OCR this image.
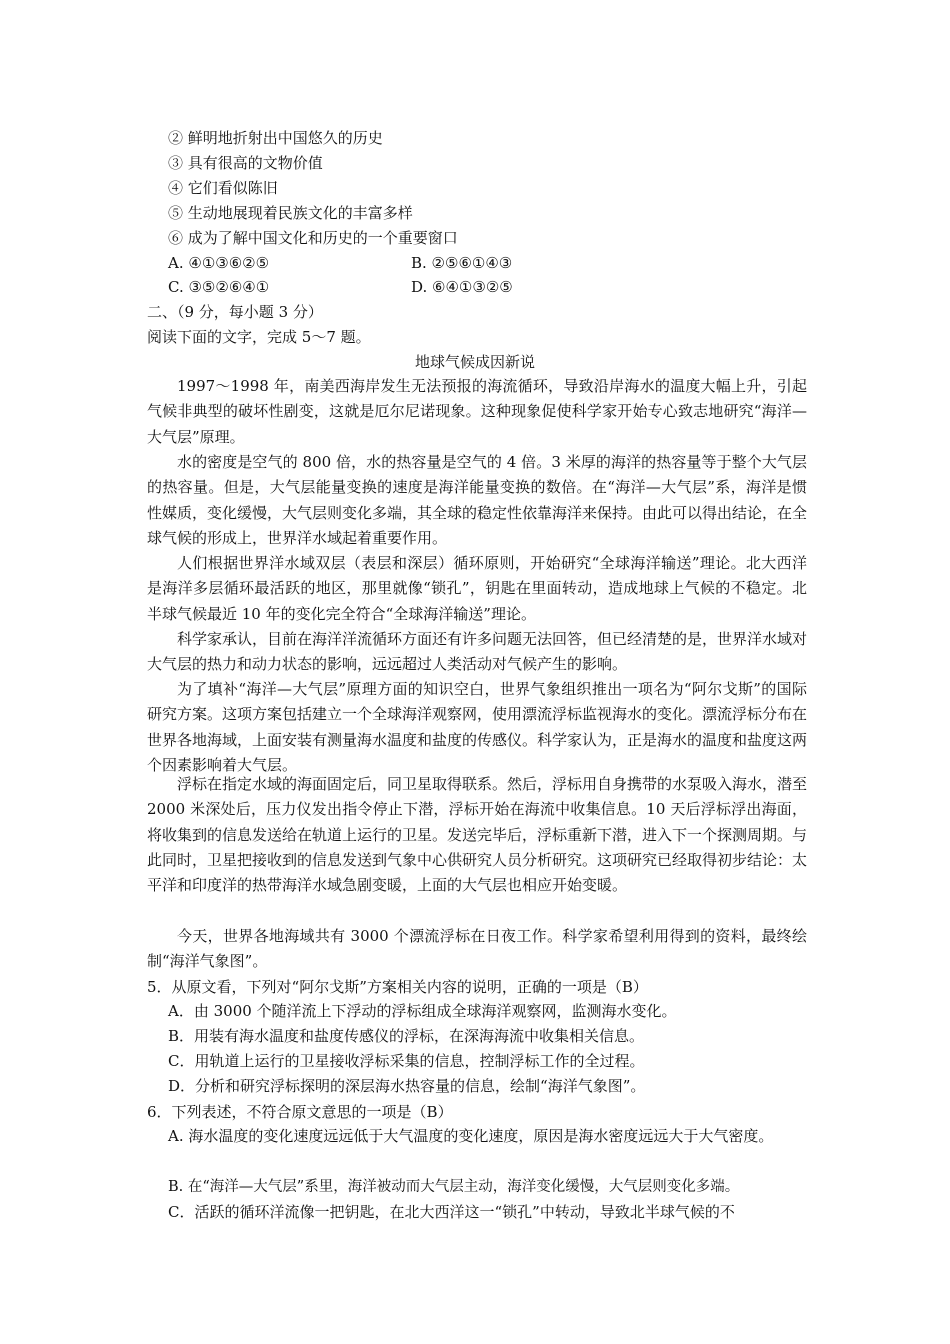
② 鲜明地折射出中国悠久的历史
③ 具有很高的文物价值
④ 它们看似陈旧
⑤ 生动地展现着民族文化的丰富多样
⑥ 成为了解中国文化和历史的一个重要窗口
A. ④①③⑥②⑤	B. ②⑤⑥①④③
C. ③⑤②⑥④①	D. ⑥④①③②⑤
二、（9 分，每小题 3 分）
阅读下面的文字，完成 5～7 题。
地球气候成因新说
1997～1998 年，南美西海岸发生无法预报的海流循环，导致沿岸海水的温度大幅上升，引起气候非典型的破坏性剧变，这就是厄尔尼诺现象。这种现象促使科学家开始专心致志地研究“海洋—大气层”原理。
水的密度是空气的 800 倍，水的热容量是空气的 4 倍。3 米厚的海洋的热容量等于整个大气层的热容量。但是，大气层能量变换的速度是海洋能量变换的数倍。在“海洋—大气层”系，海洋是惯性媒质，变化缓慢，大气层则变化多端，其全球的稳定性依靠海洋来保持。由此可以得出结论，在全球气候的形成上，世界洋水域起着重要作用。
人们根据世界洋水域双层（表层和深层）循环原则，开始研究“全球海洋输送”理论。北大西洋是海洋多层循环最活跃的地区，那里就像“锁孔”，钥匙在里面转动，造成地球上气候的不稳定。北半球气候最近 10 年的变化完全符合“全球海洋输送”理论。
科学家承认，目前在海洋洋流循环方面还有许多问题无法回答，但已经清楚的是，世界洋水域对大气层的热力和动力状态的影响，远远超过人类活动对气候产生的影响。
为了填补“海洋—大气层”原理方面的知识空白，世界气象组织推出一项名为“阿尔戈斯”的国际研究方案。这项方案包括建立一个全球海洋观察网，使用漂流浮标监视海水的变化。漂流浮标分布在世界各地海域，上面安装有测量海水温度和盐度的传感仪。科学家认为，正是海水的温度和盐度这两个因素影响着大气层。
浮标在指定水域的海面固定后，同卫星取得联系。然后，浮标用自身携带的水泵吸入海水，潜至 2000 米深处后，压力仪发出指令停止下潜，浮标开始在海流中收集信息。10 天后浮标浮出海面，将收集到的信息发送给在轨道上运行的卫星。发送完毕后，浮标重新下潜，进入下一个探测周期。与此同时，卫星把接收到的信息发送到气象中心供研究人员分析研究。这项研究已经取得初步结论：太平洋和印度洋的热带海洋水域急剧变暖，上面的大气层也相应开始变暖。
今天，世界各地海域共有 3000 个漂流浮标在日夜工作。科学家希望利用得到的资料，最终绘制“海洋气象图”。
5．从原文看，下列对“阿尔戈斯”方案相关内容的说明，正确的一项是（B）
A．由 3000 个随洋流上下浮动的浮标组成全球海洋观察网，监测海水变化。
B．用装有海水温度和盐度传感仪的浮标，在深海海流中收集相关信息。
C．用轨道上运行的卫星接收浮标采集的信息，控制浮标工作的全过程。
D．分析和研究浮标探明的深层海水热容量的信息，绘制“海洋气象图”。
6．下列表述，不符合原文意思的一项是（B）
A. 海水温度的变化速度远远低于大气温度的变化速度，原因是海水密度远远大于大气密度。
B. 在“海洋—大气层”系里，海洋被动而大气层主动，海洋变化缓慢，大气层则变化多端。
C．活跃的循环洋流像一把钥匙，在北大西洋这一“锁孔”中转动，导致北半球气候的不
